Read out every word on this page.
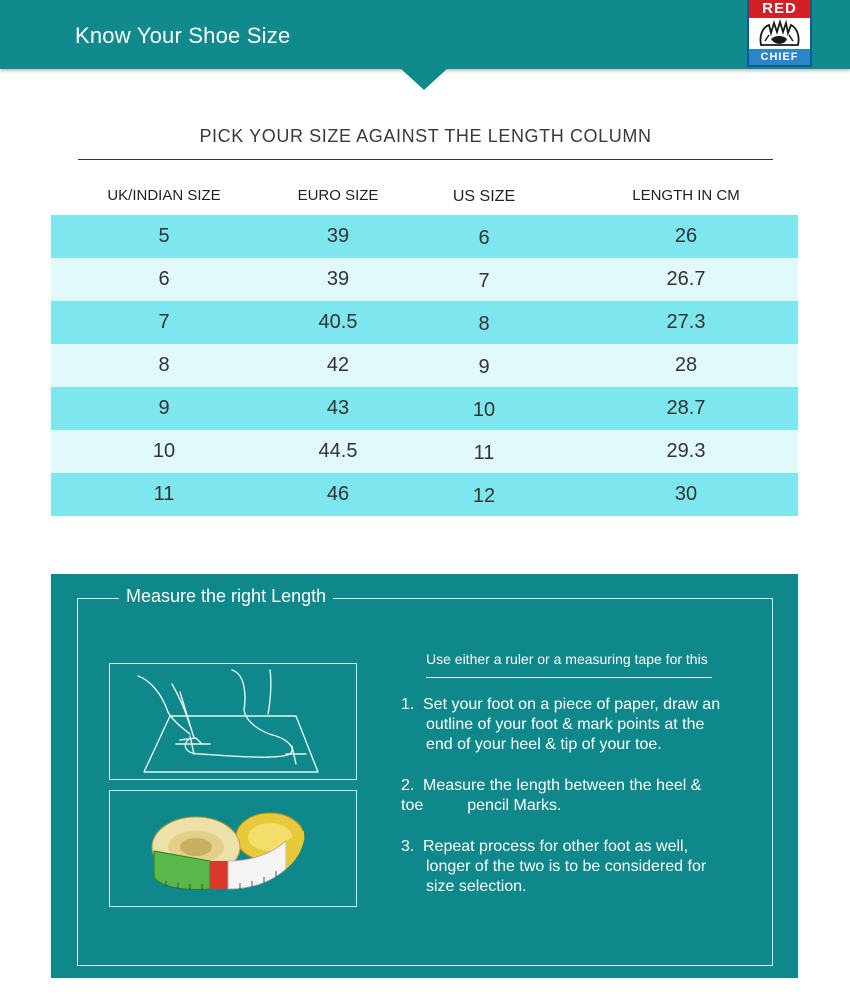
Know Your Shoe Size
RED
CHIEF
PICK YOUR SIZE AGAINST THE LENGTH COLUMN
UK/INDIAN SIZE	EURO SIZE	US SIZE	LENGTH IN CM
5	39	6	26
6	39	7	26.7
7	40.5	8	27.3
8	42	9	28
9	43	10	28.7
10	44.5	11	29.3
11	46	12	30
Measure the right Length
Use either a ruler or a measuring tape for this
1. Set your foot on a piece of paper, draw an
outline of your foot & mark points at the
end of your heel & tip of your toe.
2. Measure the length between the heel &
toe	pencil Marks.
3. Repeat process for other foot as well,
longer of the two is to be considered for
size selection.
